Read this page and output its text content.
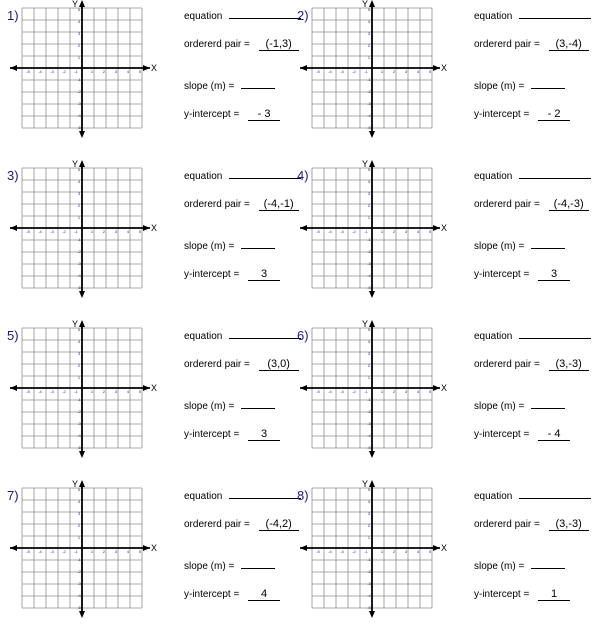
1)
-5 -4 -3 -2 -1	1 2 3 4 5
5
4
3
2
1
-1
-2
-3
-4
-5
X
Y
equation
ordererd pair = (-1,3)
slope (m) =
y-intercept = - 3
2)
-5 -4 -3 -2 -1	1 2 3 4 5
5
4
3
2
1
-1
-2
-3
-4
-5
X
Y
equation
ordererd pair = (3,-4)
slope (m) =
y-intercept = - 2
3)
-5 -4 -3 -2 -1	1 2 3 4 5
5
4
3
2
1
-1
-2
-3
-4
-5
X
Y
equation
ordererd pair = (-4,-1)
slope (m) =
y-intercept = 3
4)
-5 -4 -3 -2 -1	1 2 3 4 5
5
4
3
2
1
-1
-2
-3
-4
-5
X
Y
equation
ordererd pair = (-4,-3)
slope (m) =
y-intercept = 3
5)
-5 -4 -3 -2 -1	1 2 3 4 5
5
4
3
2
1
-1
-2
-3
-4
-5
X
Y
equation
ordererd pair = (3,0)
slope (m) =
y-intercept = 3
6)
-5 -4 -3 -2 -1	1 2 3 4 5
5
4
3
2
1
-1
-2
-3
-4
-5
X
Y
equation
ordererd pair = (3,-3)
slope (m) =
y-intercept = - 4
7)
-5 -4 -3 -2 -1	1 2 3 4 5
5
4
3
2
1
-1
-2
-3
-4
-5
X
Y
equation
ordererd pair = (-4,2)
slope (m) =
y-intercept = 4
8)
-5 -4 -3 -2 -1	1 2 3 4 5
5
4
3
2
1
-1
-2
-3
-4
-5
X
Y
equation
ordererd pair = (3,-3)
slope (m) =
y-intercept = 1
